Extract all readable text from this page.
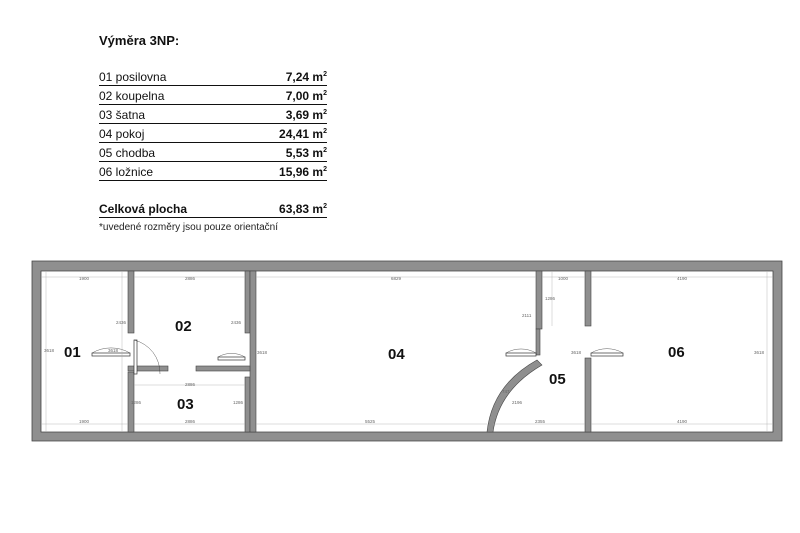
Výměra 3NP:
01 posilovna	7,24 $m^2$
02 koupelna	7,00 $m^2$
03 šatna	3,69 $m^2$
04 pokoj	24,41 $m^2$
05 chodba	5,53 $m^2$
06 ložnice	15,96 $m^2$
Celková plocha	63,83 $m^2$
*uvedené rozměry jsou pouze orientační
1900	2886	6829	1000	4190
1900	2886	5525	2355	4190
3618	3618
2436	2436
3618	3618	3618
2886
1286	1286
1286
2111
2196
747
01
02
03
04
05
06
